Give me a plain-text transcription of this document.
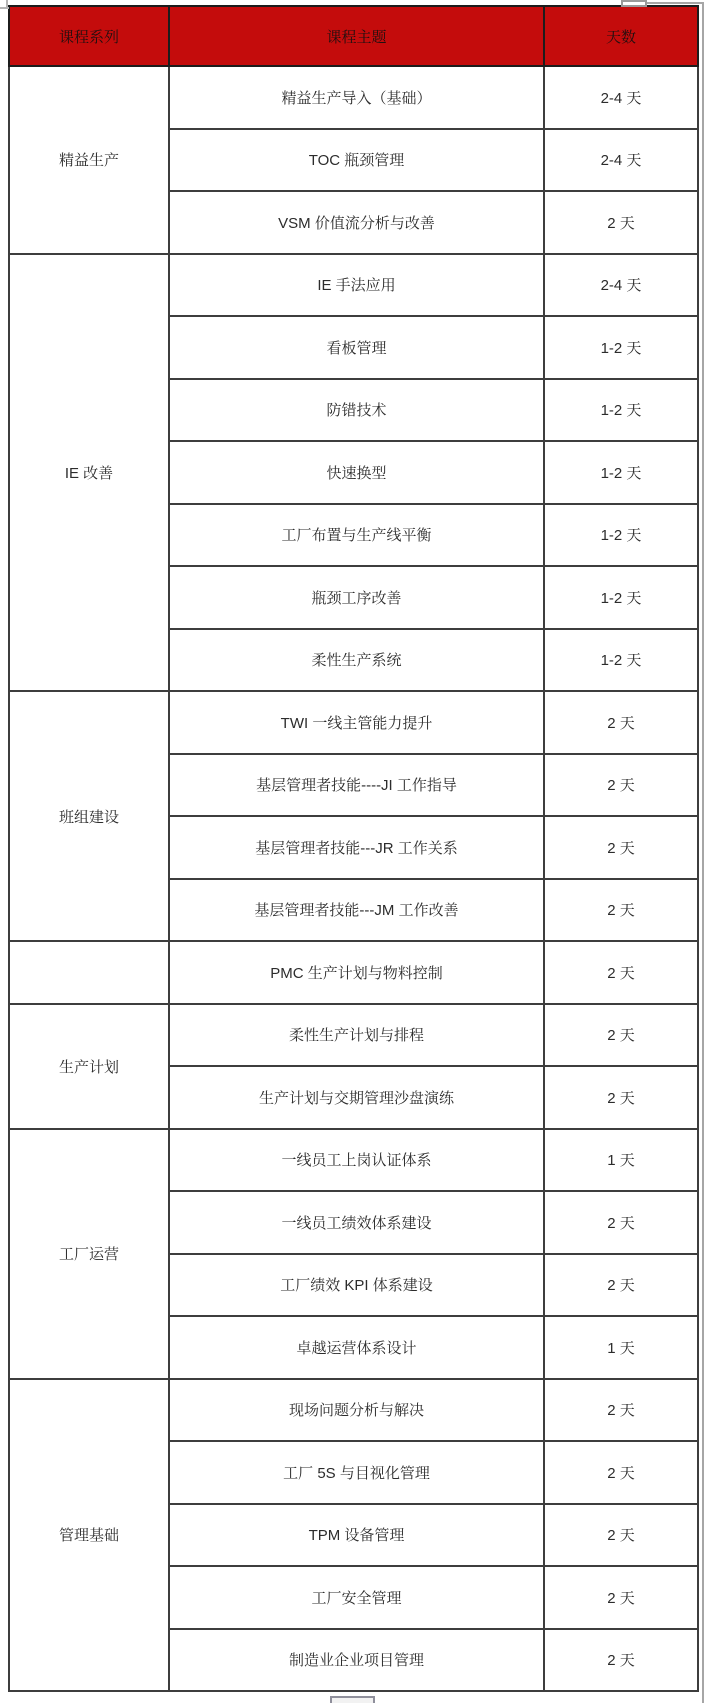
课程系列	课程主题	天数
精益生产	精益生产导入（基础）	2-4 天
	TOC 瓶颈管理	2-4 天
	VSM 价值流分析与改善	2 天
IE 改善	IE 手法应用	2-4 天
	看板管理	1-2 天
	防错技术	1-2 天
	快速换型	1-2 天
	工厂布置与生产线平衡	1-2 天
	瓶颈工序改善	1-2 天
	柔性生产系统	1-2 天
班组建设	TWI 一线主管能力提升	2 天
	基层管理者技能----JI 工作指导	2 天
	基层管理者技能---JR 工作关系	2 天
	基层管理者技能---JM 工作改善	2 天
	PMC 生产计划与物料控制	2 天
生产计划	柔性生产计划与排程	2 天
	生产计划与交期管理沙盘演练	2 天
工厂运营	一线员工上岗认证体系	1 天
	一线员工绩效体系建设	2 天
	工厂绩效 KPI 体系建设	2 天
	卓越运营体系设计	1 天
管理基础	现场问题分析与解决	2 天
	工厂 5S 与目视化管理	2 天
	TPM 设备管理	2 天
	工厂安全管理	2 天
	制造业企业项目管理	2 天
